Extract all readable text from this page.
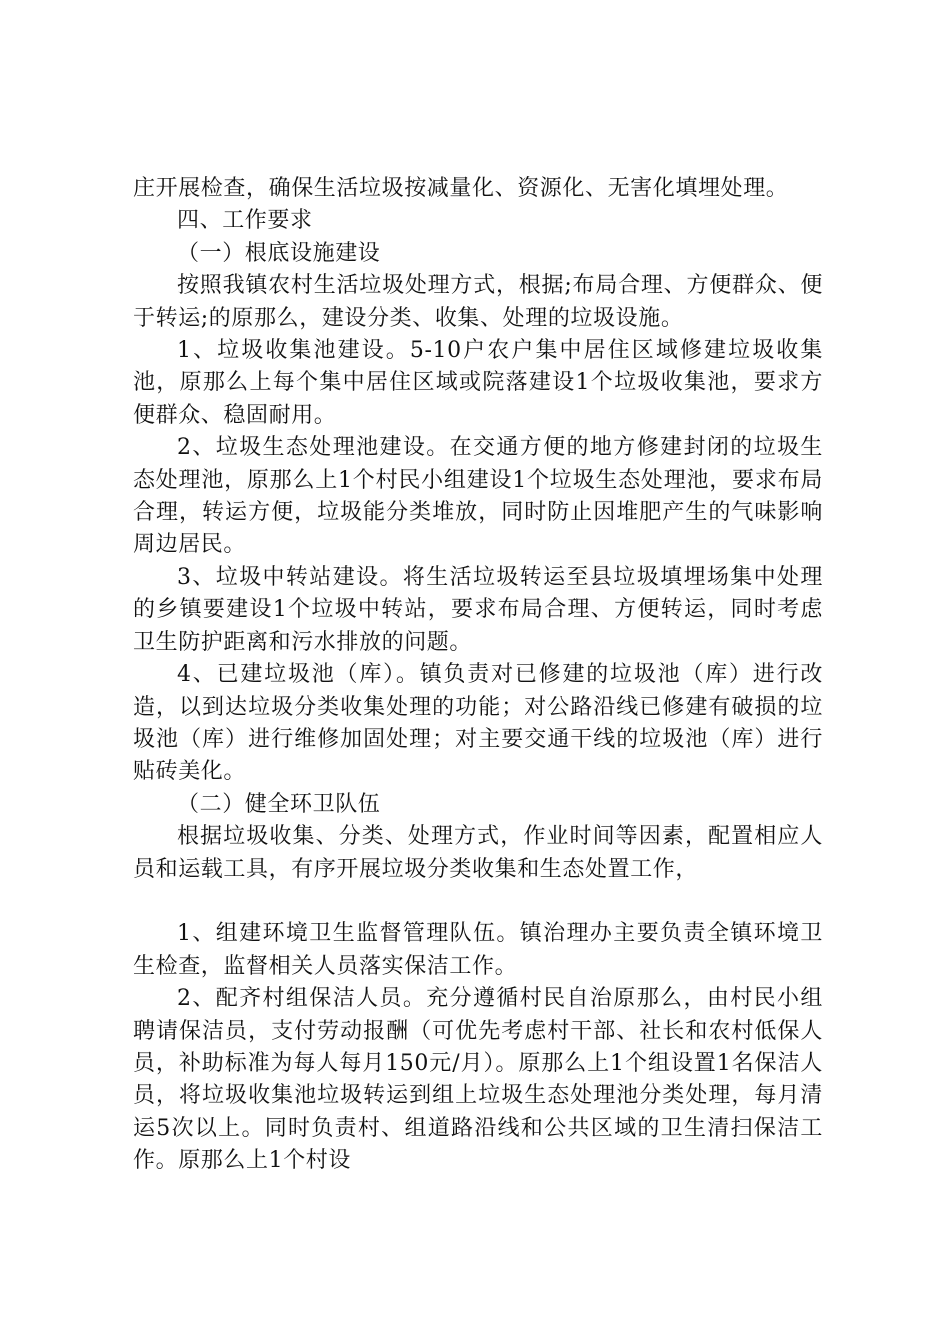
庄开展检查，确保生活垃圾按减量化、资源化、无害化填埋处理。

四、工作要求

（一）根底设施建设

按照我镇农村生活垃圾处理方式，根据;布局合理、方便群众、便于转运;的原那么，建设分类、收集、处理的垃圾设施。

1、垃圾收集池建设。5-10户农户集中居住区域修建垃圾收集池，原那么上每个集中居住区域或院落建设1个垃圾收集池，要求方便群众、稳固耐用。

2、垃圾生态处理池建设。在交通方便的地方修建封闭的垃圾生态处理池，原那么上1个村民小组建设1个垃圾生态处理池，要求布局合理，转运方便，垃圾能分类堆放，同时防止因堆肥产生的气味影响周边居民。

3、垃圾中转站建设。将生活垃圾转运至县垃圾填埋场集中处理的乡镇要建设1个垃圾中转站，要求布局合理、方便转运，同时考虑卫生防护距离和污水排放的问题。

4、已建垃圾池（库）。镇负责对已修建的垃圾池（库）进行改造，以到达垃圾分类收集处理的功能；对公路沿线已修建有破损的垃圾池（库）进行维修加固处理；对主要交通干线的垃圾池（库）进行贴砖美化。

（二）健全环卫队伍

根据垃圾收集、分类、处理方式，作业时间等因素，配置相应人员和运载工具，有序开展垃圾分类收集和生态处置工作，

1、组建环境卫生监督管理队伍。镇治理办主要负责全镇环境卫生检查，监督相关人员落实保洁工作。

2、配齐村组保洁人员。充分遵循村民自治原那么，由村民小组聘请保洁员，支付劳动报酬（可优先考虑村干部、社长和农村低保人员，补助标准为每人每月150元/月）。原那么上1个组设置1名保洁人员，将垃圾收集池垃圾转运到组上垃圾生态处理池分类处理，每月清运5次以上。同时负责村、组道路沿线和公共区域的卫生清扫保洁工作。原那么上1个村设
